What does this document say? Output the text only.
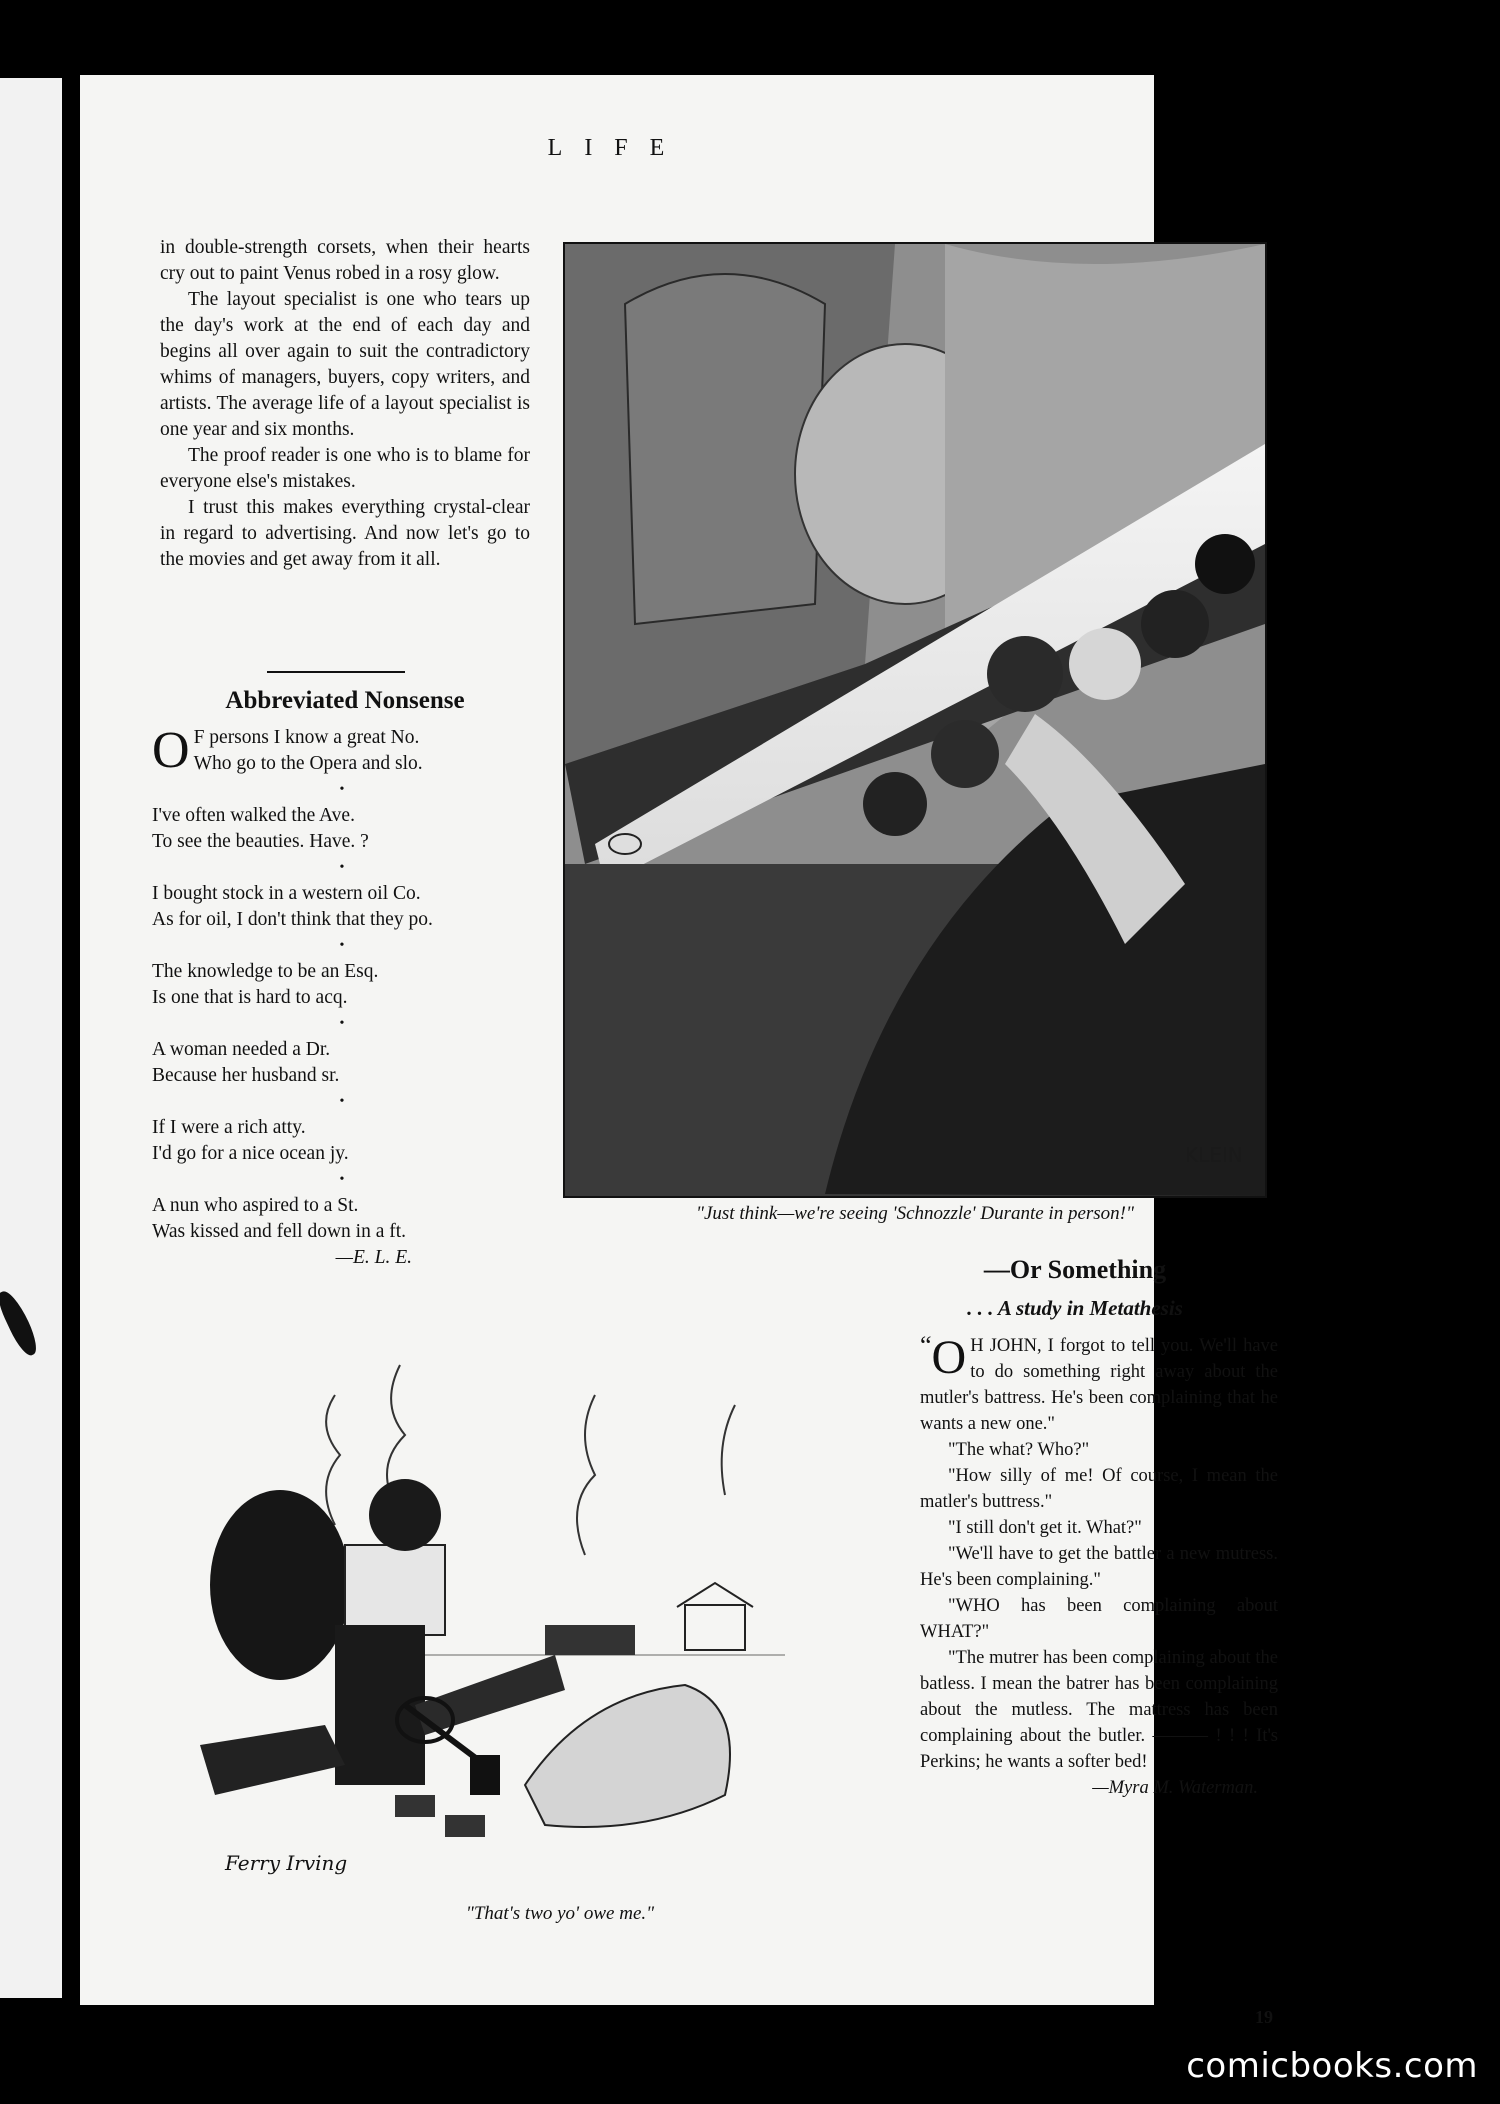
LIFE

in double-strength corsets, when their hearts cry out to paint Venus robed in a rosy glow.

The layout specialist is one who tears up the day's work at the end of each day and begins all over again to suit the contradictory whims of managers, buyers, copy writers, and artists. The average life of a layout specialist is one year and six months.

The proof reader is one who is to blame for everyone else's mistakes.

I trust this makes everything crystal-clear in regard to advertising. And now let's go to the movies and get away from it all.

Abbreviated Nonsense
O F persons I know a great No.
Who go to the Opera and slo.
•
I've often walked the Ave.
To see the beauties. Have. ?
•
I bought stock in a western oil Co.
As for oil, I don't think that they po.
•
The knowledge to be an Esq.
Is one that is hard to acq.
•
A woman needed a Dr.
Because her husband sr.
•
If I were a rich atty.
I'd go for a nice ocean jy.
•
A nun who aspired to a St.
Was kissed and fell down in a ft.
—E. L. E.
KLEIN
"Just think—we're seeing 'Schnozzle' Durante in person!"
—Or Something
. . . A study in Metathesis

“ O H JOHN, I forgot to tell you. We'll have to do something right away about the mutler's battress. He's been complaining that he wants a new one."

"The what? Who?"

"How silly of me! Of course, I mean the matler's buttress."

"I still don't get it. What?"

"We'll have to get the battler a new mutress. He's been complaining."

"WHO has been complaining about WHAT?"

"The mutrer has been complaining about the batless. I mean the batrer has been complaining about the mutless. The mattress has been complaining about the butler. ——— ! ! ! It's Perkins; he wants a softer bed!

—Myra M. Waterman.
Ferry Irving
"That's two yo' owe me."
19
comicbooks.com
